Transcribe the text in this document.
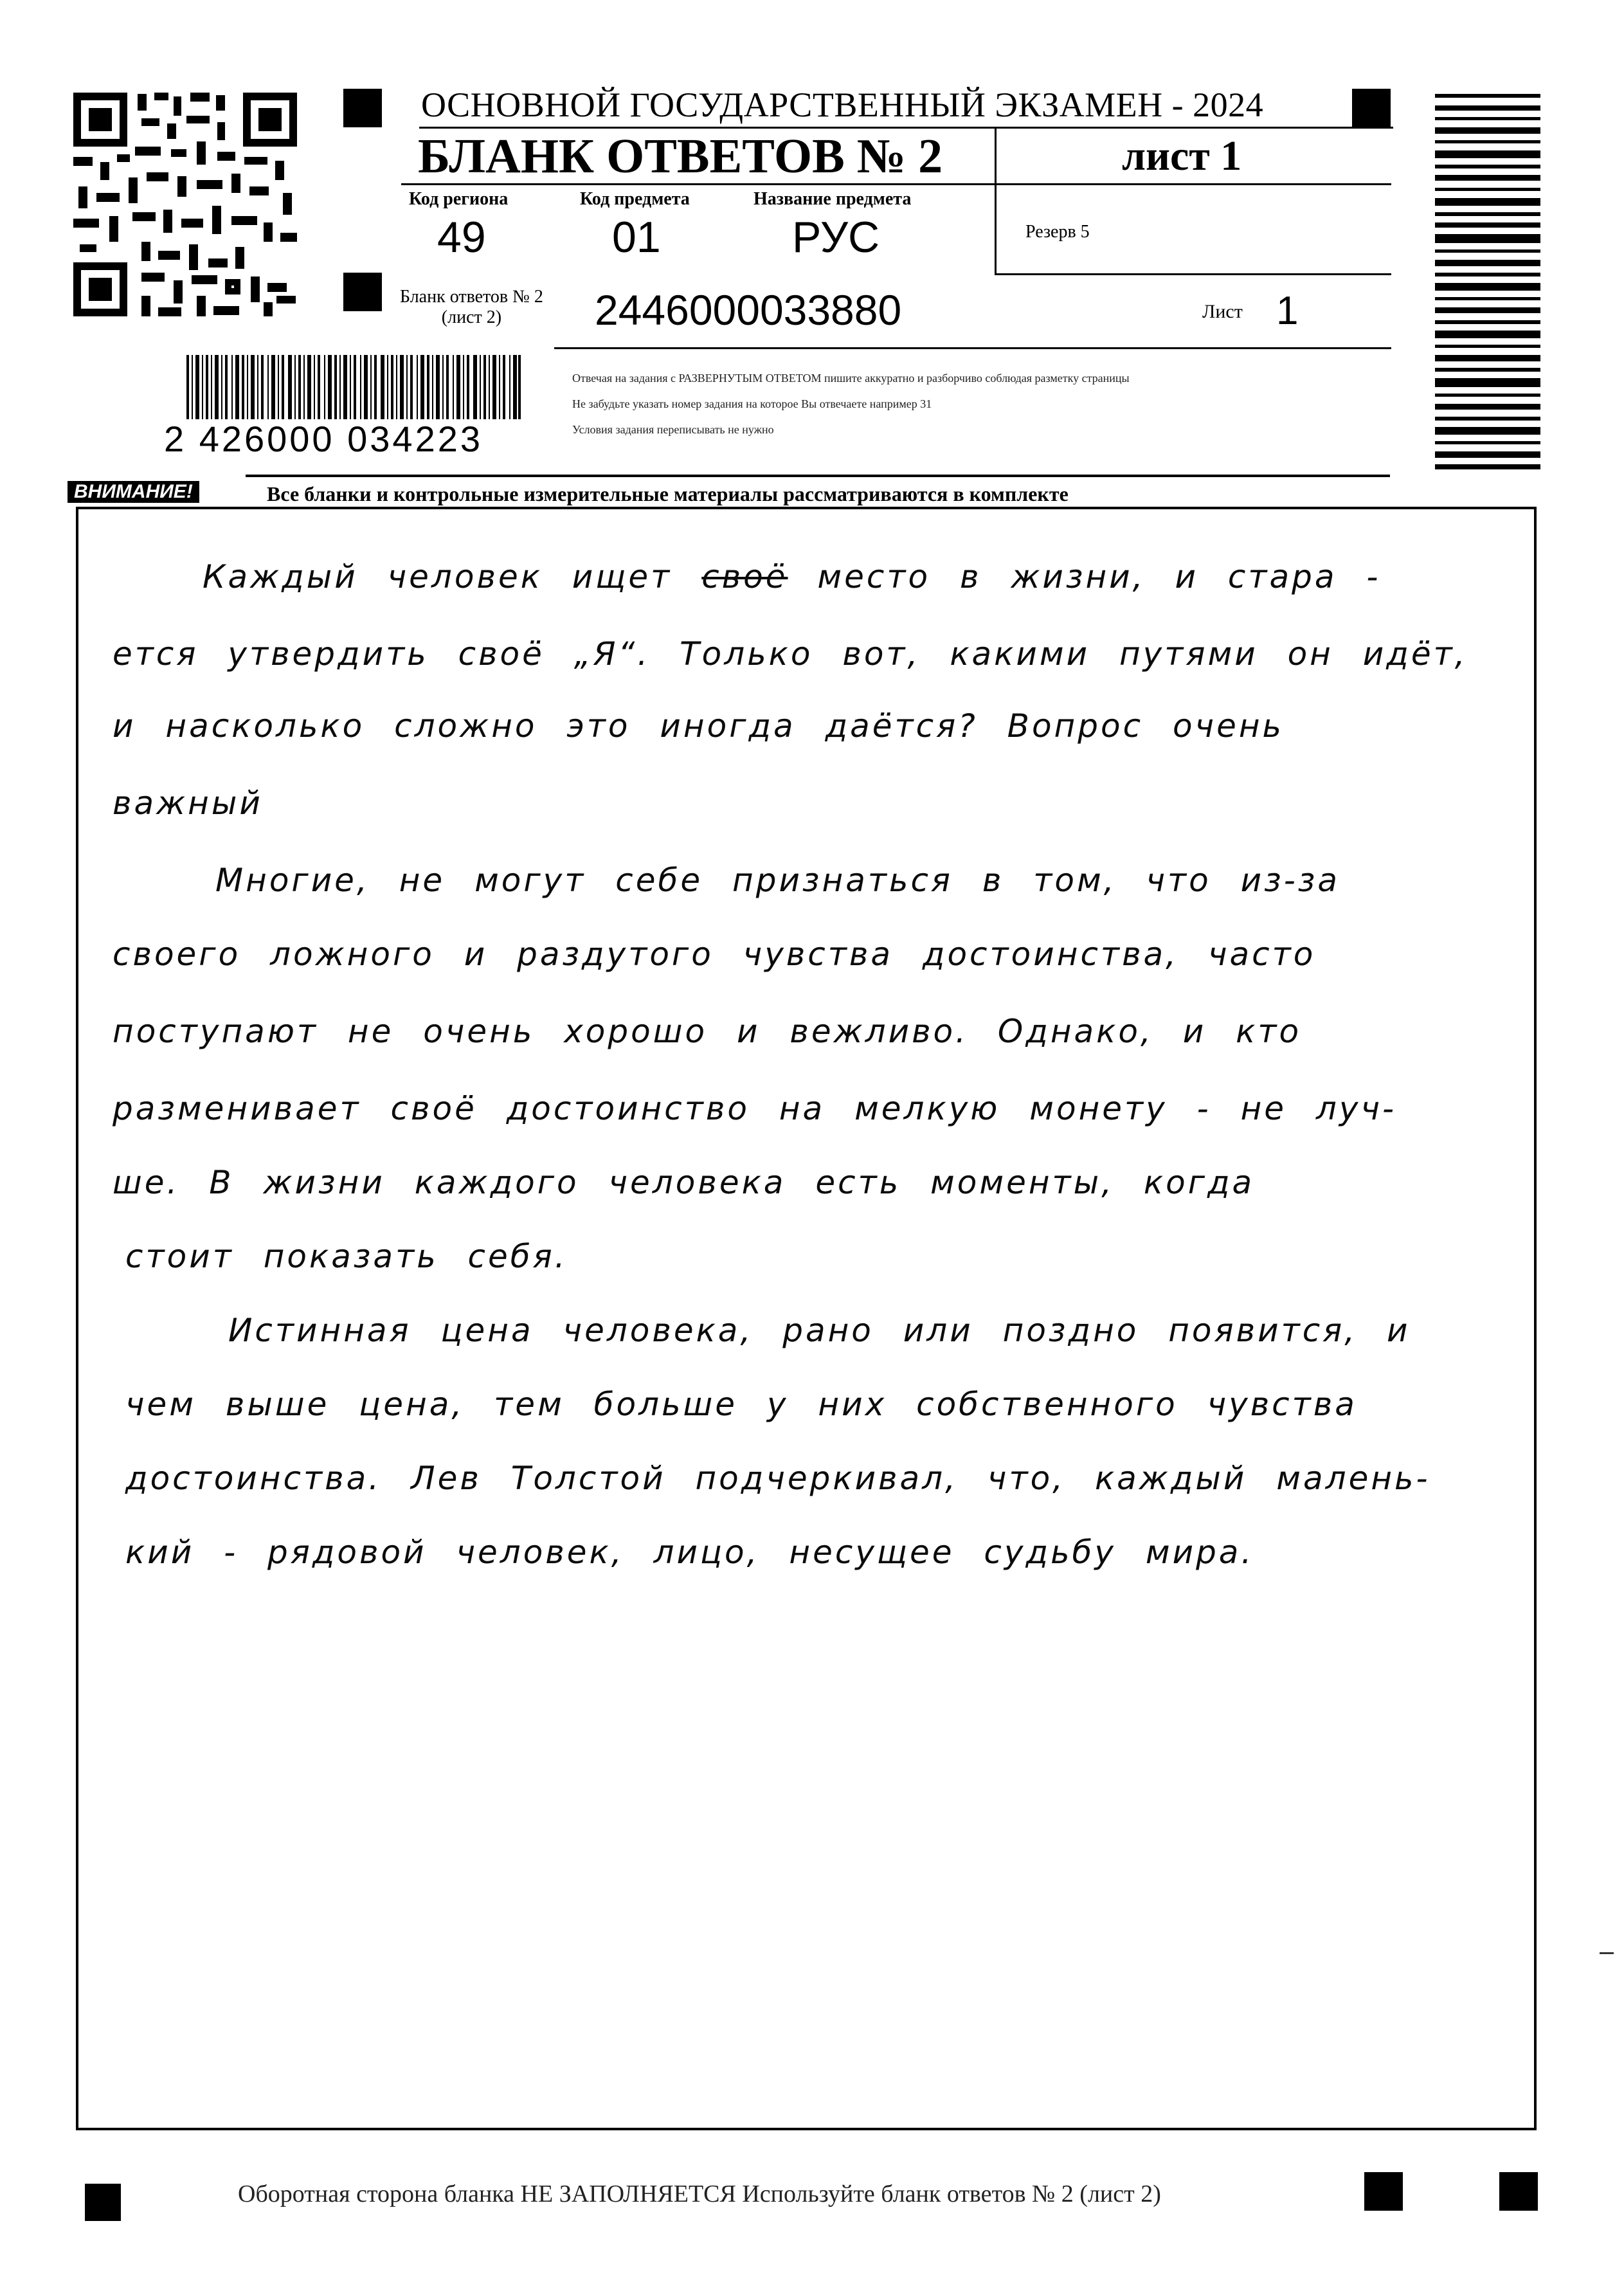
ОСНОВНОЙ ГОСУДАРСТВЕННЫЙ ЭКЗАМЕН - 2024
БЛАНК ОТВЕТОВ № 2	лист 1
Код региона
49
Код предмета
01
Название предмета
РУС	Резерв 5
Бланк ответов № 2
(лист 2)	2446000033880	Лист 1
2 426000 034223
Отвечая на задания с РАЗВЕРНУТЫМ ОТВЕТОМ пишите аккуратно и разборчиво соблюдая разметку страницы
Не забудьте указать номер задания на которое Вы отвечаете например 31
Условия задания переписывать не нужно
ВНИМАНИЕ!	Все бланки и контрольные измерительные материалы рассматриваются в комплекте
Каждый человек ищет своё место в жизни, и стара -
ется утвердить своё „Я“. Только вот, какими путями он идёт,
и насколько сложно это иногда даётся? Вопрос очень
важный
Многие, не могут себе признаться в том, что из-за
своего ложного и раздутого чувства достоинства, часто
поступают не очень хорошо и вежливо. Однако, и кто
разменивает своё достоинство на мелкую монету - не луч-
ше. В жизни каждого человека есть моменты, когда
стоит показать себя.
Истинная цена человека, рано или поздно появится, и
чем выше цена, тем больше у них собственного чувства
достоинства. Лев Толстой подчеркивал, что, каждый малень-
кий - рядовой человек, лицо, несущее судьбу мира.
Оборотная сторона бланка НЕ ЗАПОЛНЯЕТСЯ Используйте бланк ответов № 2 (лист 2)
